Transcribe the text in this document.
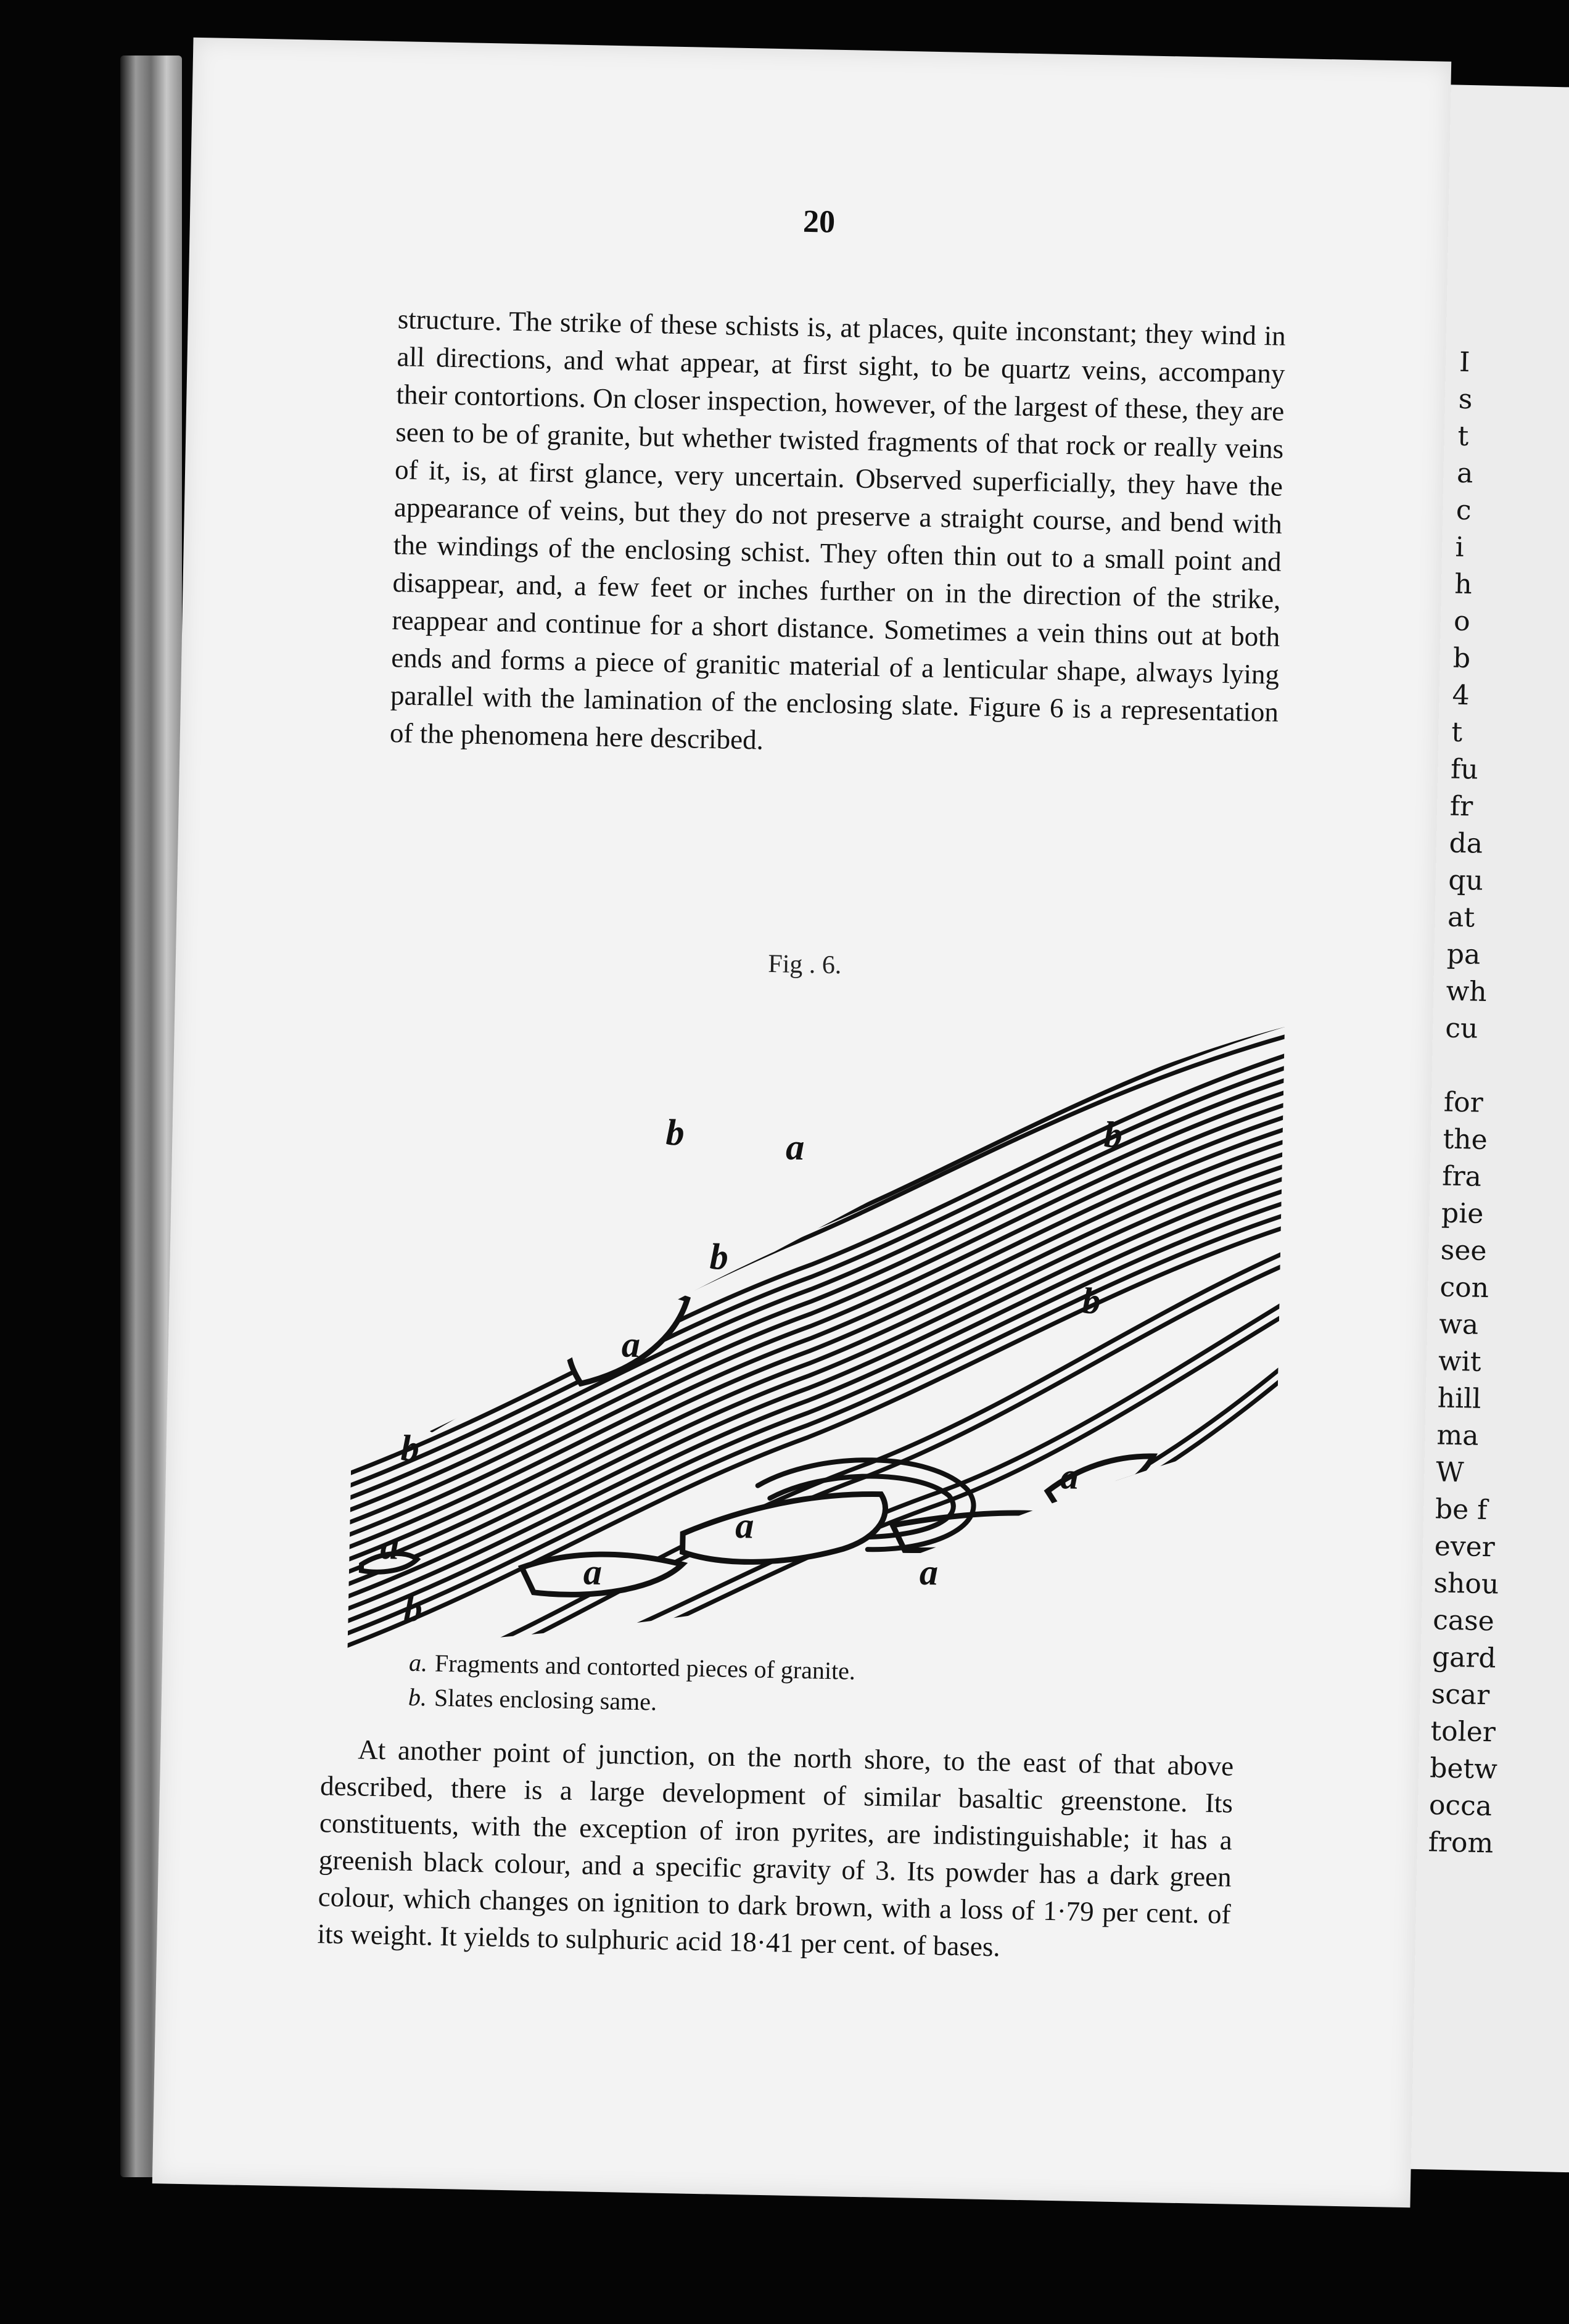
I
s
t
a
c
i
h
o
b
4
t
fu
fr
da
qu
at
pa
wh
cu

for
the
fra
pie
see
con
wa
wit
hill
ma
W
be f
ever
shou
case
gard
scar
toler
betw
occa
from
20

structure. The strike of these schists is, at places, quite inconstant; they wind in all directions, and what appear, at first sight, to be quartz veins, accompany their contortions. On closer inspection, however, of the largest of these, they are seen to be of granite, but whether twisted fragments of that rock or really veins of it, is, at first glance, very uncertain. Observed superficially, they have the appearance of veins, but they do not preserve a straight course, and bend with the windings of the enclosing schist. They often thin out to a small point and disappear, and, a few feet or inches further on in the direction of the strike, reappear and continue for a short distance. Sometimes a vein thins out at both ends and forms a piece of granitic material of a lenticular shape, always lying parallel with the lamination of the enclosing slate. Figure 6 is a representation of the phenomena here described.

Fig . 6.
a
a
a
a
a
a
a
b	b
b
b
b
b
a. Fragments and contorted pieces of granite.
b. Slates enclosing same.
At another point of junction, on the north shore, to the east of that above described, there is a large development of similar basaltic greenstone. Its constituents, with the exception of iron pyrites, are indistinguishable; it has a greenish black colour, and a specific gravity of 3. Its powder has a dark green colour, which changes on ignition to dark brown, with a loss of 1·79 per cent. of its weight. It yields to sulphuric acid 18·41 per cent. of bases.
